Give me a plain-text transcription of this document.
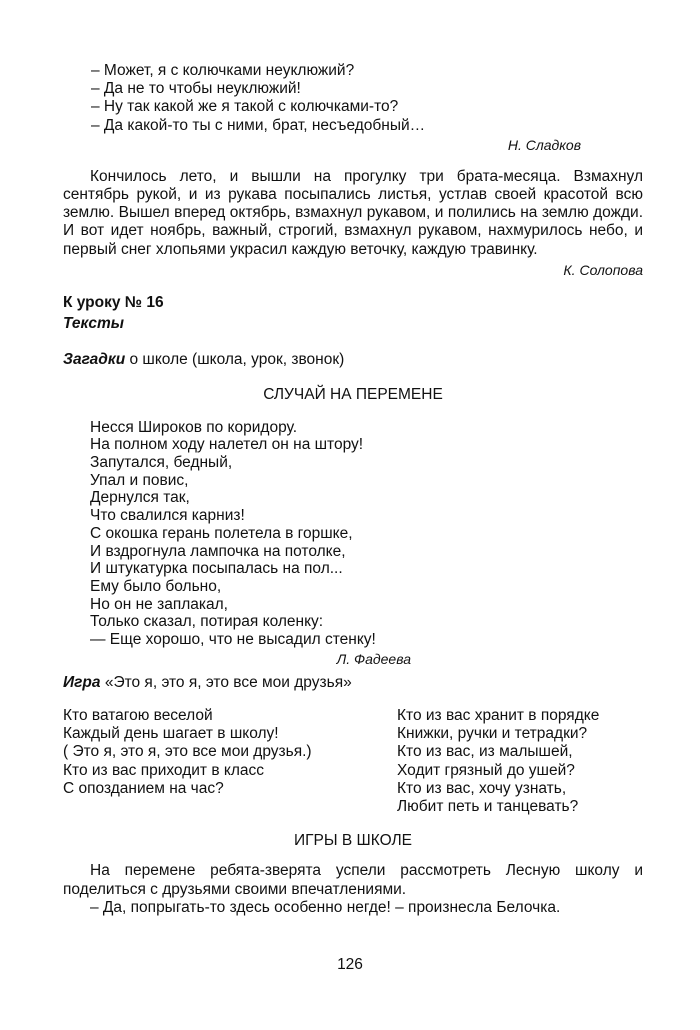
– Может, я с колючками неуклюжий?
– Да не то чтобы неуклюжий!
– Ну так какой же я такой с колючками-то?
– Да какой-то ты с ними, брат, несъедобный…
Н. Сладков
Кончилось лето, и вышли на прогулку три брата-месяца. Взмахнул сентябрь рукой, и из рукава посыпались листья, устлав своей красотой всю землю. Вышел вперед октябрь, взмахнул рукавом, и полились на землю дожди. И вот идет ноябрь, важный, строгий, взмахнул рукавом, нахмурилось небо, и первый снег хлопьями украсил каждую веточку, каждую травинку.
К. Солопова
К уроку № 16
Тексты
Загадки о школе (школа, урок, звонок)
СЛУЧАЙ НА ПЕРЕМЕНЕ
Несся Широков по коридору.
На полном ходу налетел он на штору!
Запутался, бедный,
Упал и повис,
Дернулся так,
Что свалился карниз!
С окошка герань полетела в горшке,
И вздрогнула лампочка на потолке,
И штукатурка посыпалась на пол...
Ему было больно,
Но он не заплакал,
Только сказал, потирая коленку:
— Еще хорошо, что не высадил стенку!
Л. Фадеева
Игра «Это я, это я, это все мои друзья»
Кто ватагою веселой
Каждый день шагает в школу!
( Это я, это я, это все мои друзья.)
Кто из вас приходит в класс
С опозданием на час?
Кто из вас хранит в порядке
Книжки, ручки и тетрадки?
Кто из вас, из малышей,
Ходит грязный до ушей?
Кто из вас, хочу узнать,
Любит петь и танцевать?
ИГРЫ В ШКОЛЕ
На перемене ребята-зверята успели рассмотреть Лесную школу и поделиться с друзьями своими впечатлениями.
– Да, попрыгать-то здесь особенно негде! – произнесла Белочка.
126
